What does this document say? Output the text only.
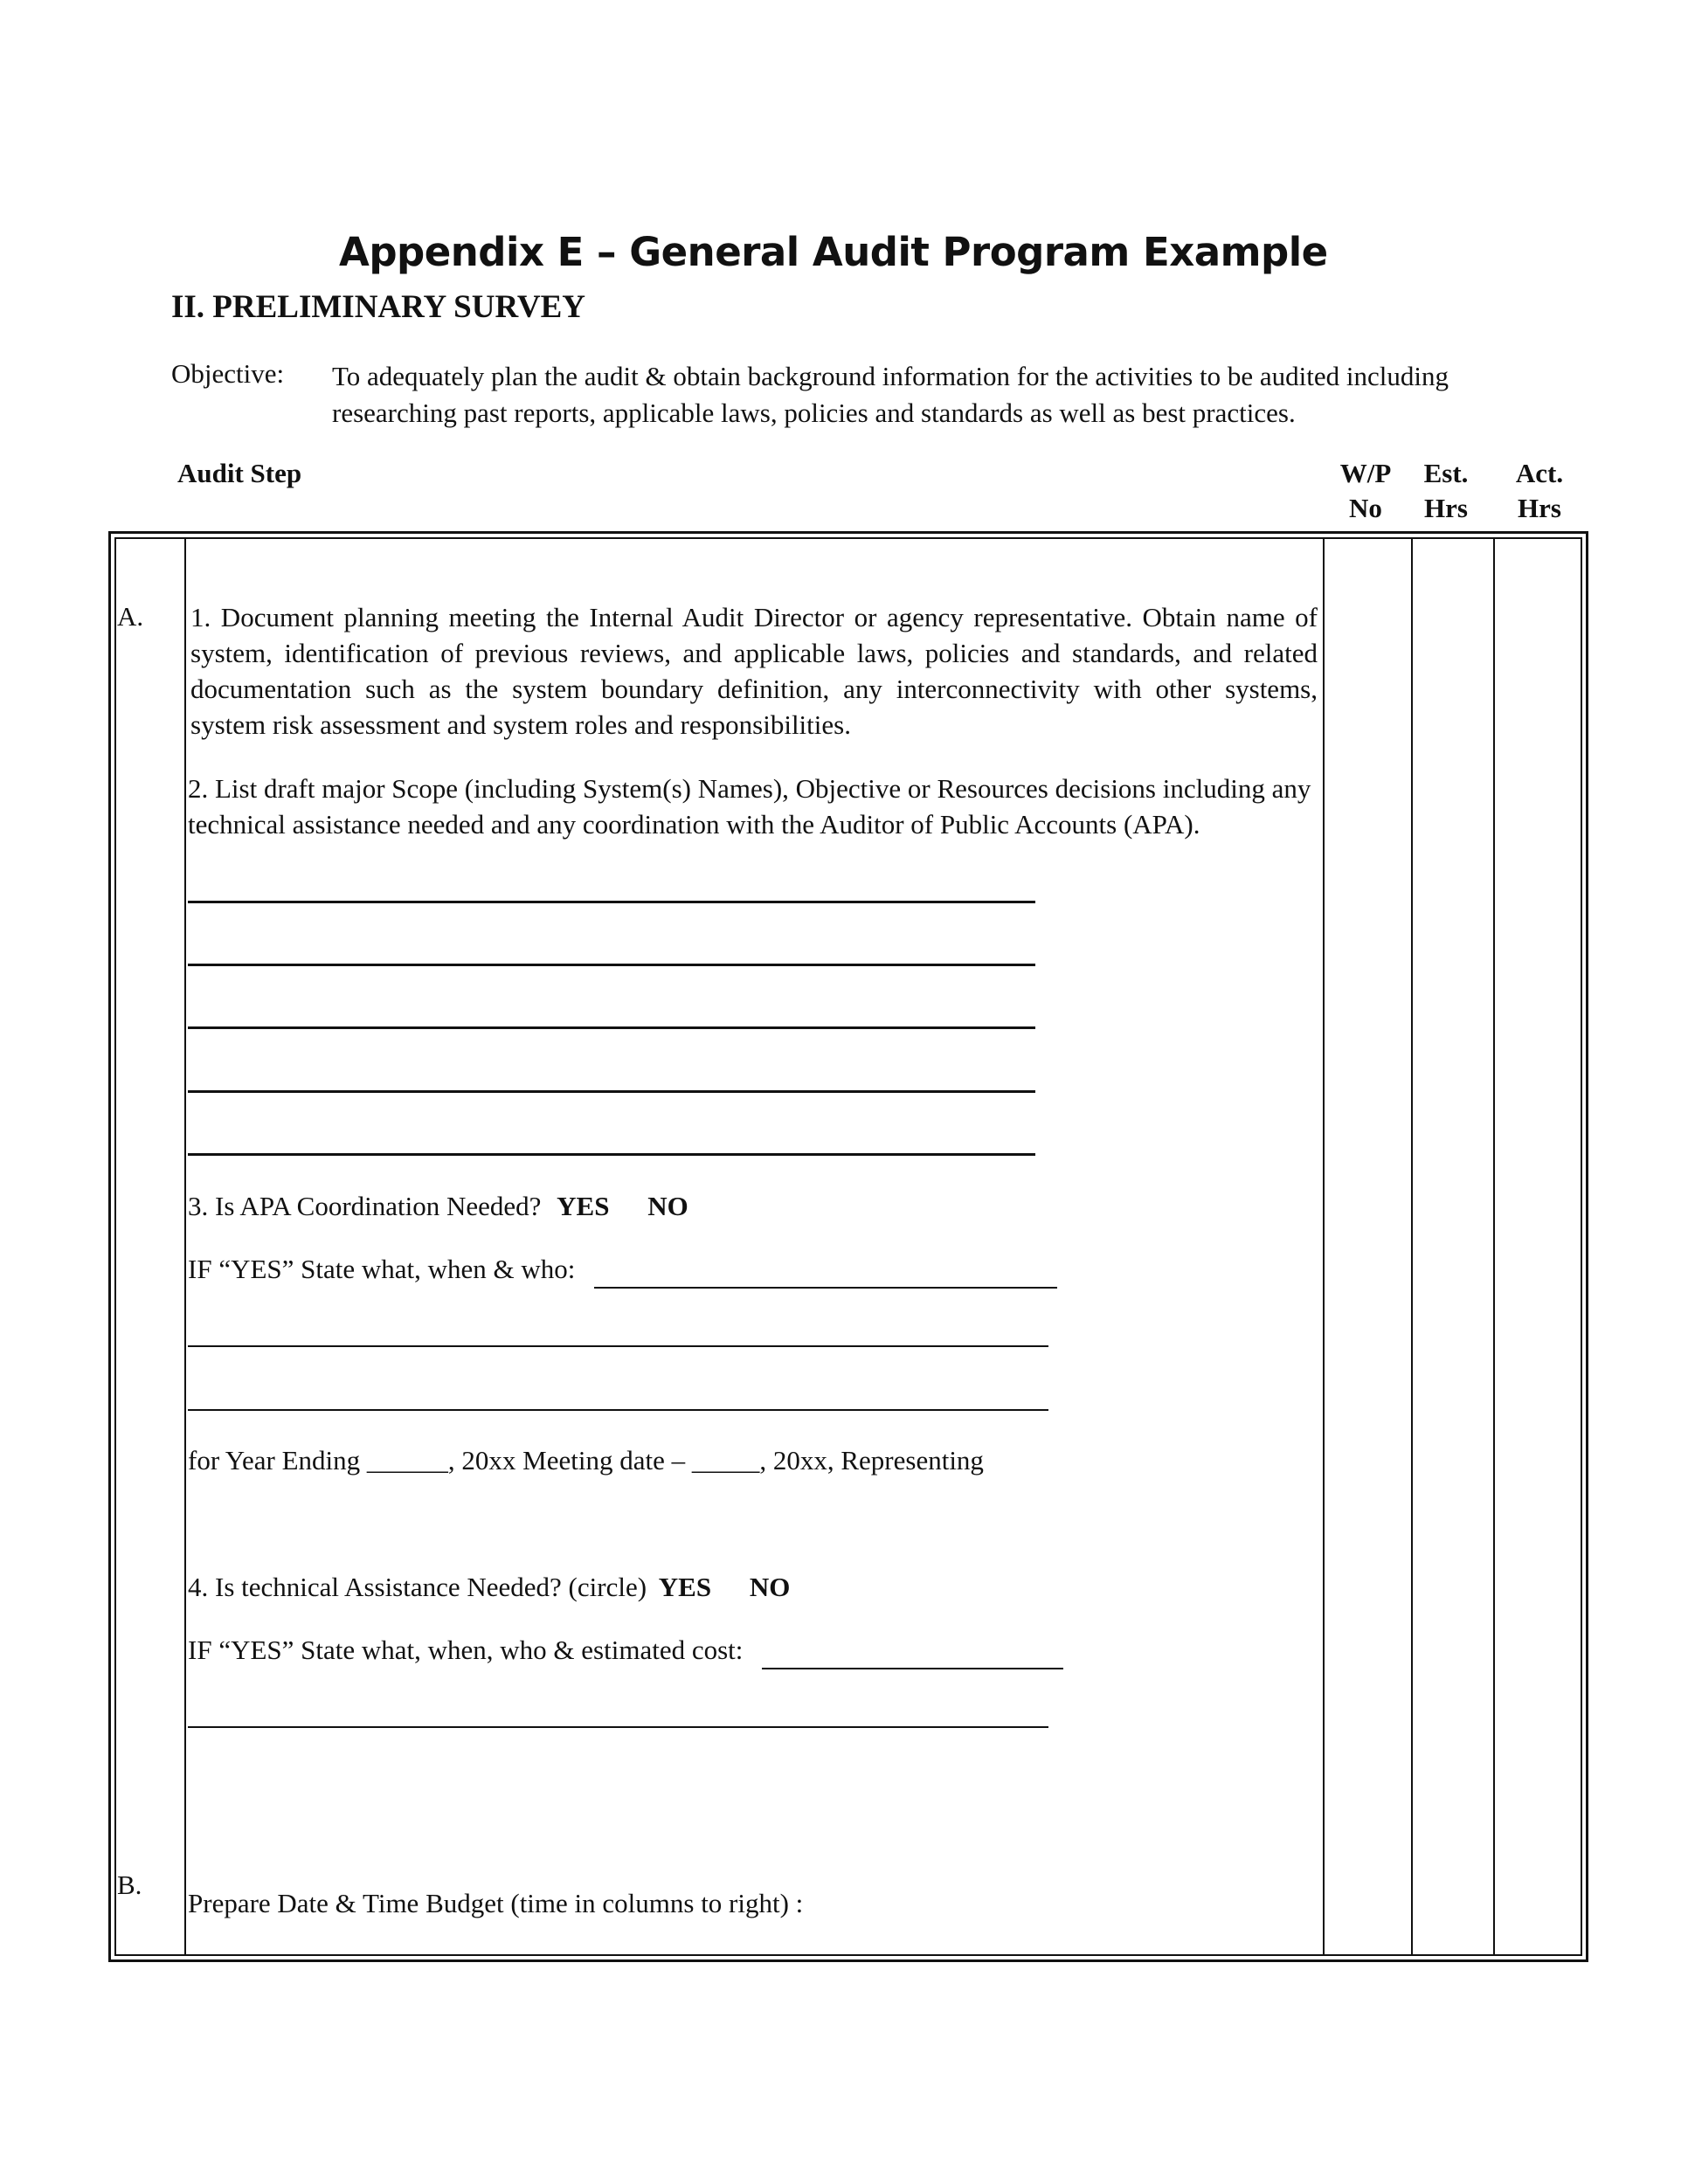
Appendix E – General Audit Program Example
II. PRELIMINARY SURVEY
Objective: To adequately plan the audit & obtain background information for the activities to be audited including researching past reports, applicable laws, policies and standards as well as best practices.
Audit Step	W/P
No
Est.
Hrs
Act.
Hrs
A. 1. Document planning meeting the Internal Audit Director or agency representative. Obtain name of system, identification of previous reviews, and applicable laws, policies and standards, and related documentation such as the system boundary definition, any interconnectivity with other systems, system risk assessment and system roles and responsibilities.
2. List draft major Scope (including System(s) Names), Objective or Resources decisions including any technical assistance needed and any coordination with the Auditor of Public Accounts (APA).
3. Is APA Coordination Needed? YES NO
IF “YES” State what, when & who:
for Year Ending ______, 20xx Meeting date – _____, 20xx, Representing
4. Is technical Assistance Needed? (circle) YES NO
IF “YES” State what, when, who & estimated cost:
B.
Prepare Date & Time Budget (time in columns to right) :
